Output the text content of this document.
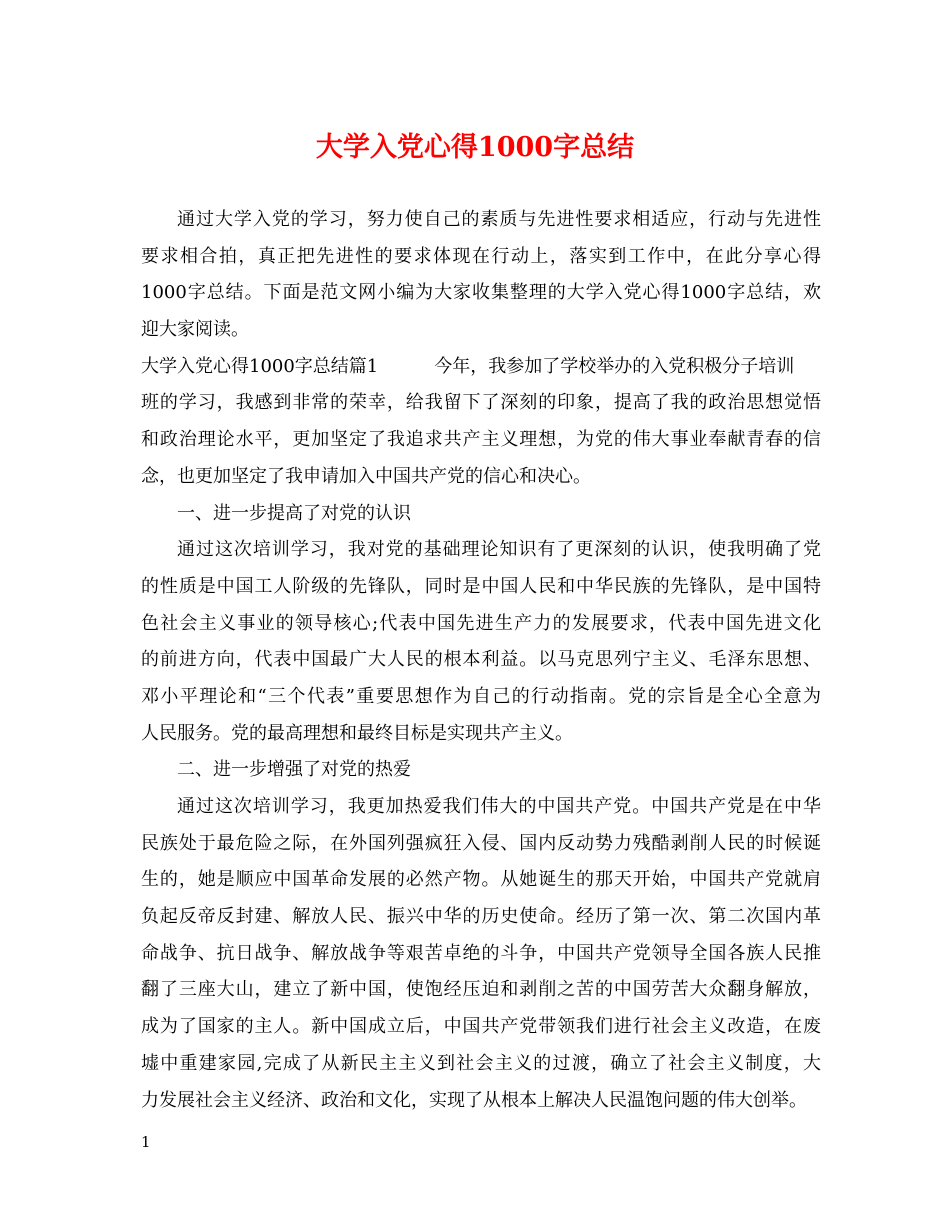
大学入党心得1000字总结
通过大学入党的学习，努力使自己的素质与先进性要求相适应，行动与先进性
要求相合拍，真正把先进性的要求体现在行动上，落实到工作中，在此分享心得
1000字总结。下面是范文网小编为大家收集整理的大学入党心得1000字总结，欢
迎大家阅读。
大学入党心得1000字总结篇1	今年，我参加了学校举办的入党积极分子培训
班的学习，我感到非常的荣幸，给我留下了深刻的印象，提高了我的政治思想觉悟
和政治理论水平，更加坚定了我追求共产主义理想，为党的伟大事业奉献青春的信
念，也更加坚定了我申请加入中国共产党的信心和决心。
一、进一步提高了对党的认识
通过这次培训学习，我对党的基础理论知识有了更深刻的认识，使我明确了党
的性质是中国工人阶级的先锋队，同时是中国人民和中华民族的先锋队，是中国特
色社会主义事业的领导核心;代表中国先进生产力的发展要求，代表中国先进文化
的前进方向，代表中国最广大人民的根本利益。以马克思列宁主义、毛泽东思想、
邓小平理论和“三个代表”重要思想作为自己的行动指南。党的宗旨是全心全意为
人民服务。党的最高理想和最终目标是实现共产主义。
二、进一步增强了对党的热爱
通过这次培训学习，我更加热爱我们伟大的中国共产党。中国共产党是在中华
民族处于最危险之际，在外国列强疯狂入侵、国内反动势力残酷剥削人民的时候诞
生的，她是顺应中国革命发展的必然产物。从她诞生的那天开始，中国共产党就肩
负起反帝反封建、解放人民、振兴中华的历史使命。经历了第一次、第二次国内革
命战争、抗日战争、解放战争等艰苦卓绝的斗争，中国共产党领导全国各族人民推
翻了三座大山，建立了新中国，使饱经压迫和剥削之苦的中国劳苦大众翻身解放，
成为了国家的主人。新中国成立后，中国共产党带领我们进行社会主义改造，在废
墟中重建家园,完成了从新民主主义到社会主义的过渡，确立了社会主义制度，大
力发展社会主义经济、政治和文化，实现了从根本上解决人民温饱问题的伟大创举。
1
